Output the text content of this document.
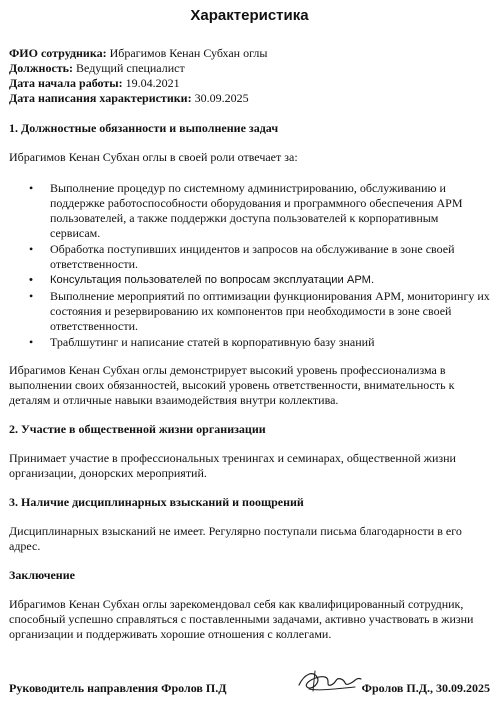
Характеристика
ФИО сотрудника: Ибрагимов Кенан Субхан оглы
Должность: Ведущий специалист
Дата начала работы: 19.04.2021
Дата написания характеристики: 30.09.2025
1. Должностные обязанности и выполнение задач
Ибрагимов Кенан Субхан оглы в своей роли отвечает за:
• Выполнение процедур по системному администрированию, обслуживанию и поддержке работоспособности оборудования и программного обеспечения АРМ пользователей, а также поддержки доступа пользователей к корпоративным сервисам.
• Обработка поступивших инцидентов и запросов на обслуживание в зоне своей ответственности.
• Консультация пользователей по вопросам эксплуатации АРМ.
• Выполнение мероприятий по оптимизации функционирования АРМ, мониторингу их состояния и резервированию их компонентов при необходимости в зоне своей ответственности.
• Траблшутинг и написание статей в корпоративную базу знаний
Ибрагимов Кенан Субхан оглы демонстрирует высокий уровень профессионализма в выполнении своих обязанностей, высокий уровень ответственности, внимательность к деталям и отличные навыки взаимодействия внутри коллектива.
2. Участие в общественной жизни организации
Принимает участие в профессиональных тренингах и семинарах, общественной жизни организации, донорских мероприятий.
3. Наличие дисциплинарных взысканий и поощрений
Дисциплинарных взысканий не имеет. Регулярно поступали письма благодарности в его адрес.
Заключение
Ибрагимов Кенан Субхан оглы зарекомендовал себя как квалифицированный сотрудник, способный успешно справляться с поставленными задачами, активно участвовать в жизни организации и поддерживать хорошие отношения с коллегами.
Руководитель направления Фролов П.Д	Фролов П.Д., 30.09.2025
